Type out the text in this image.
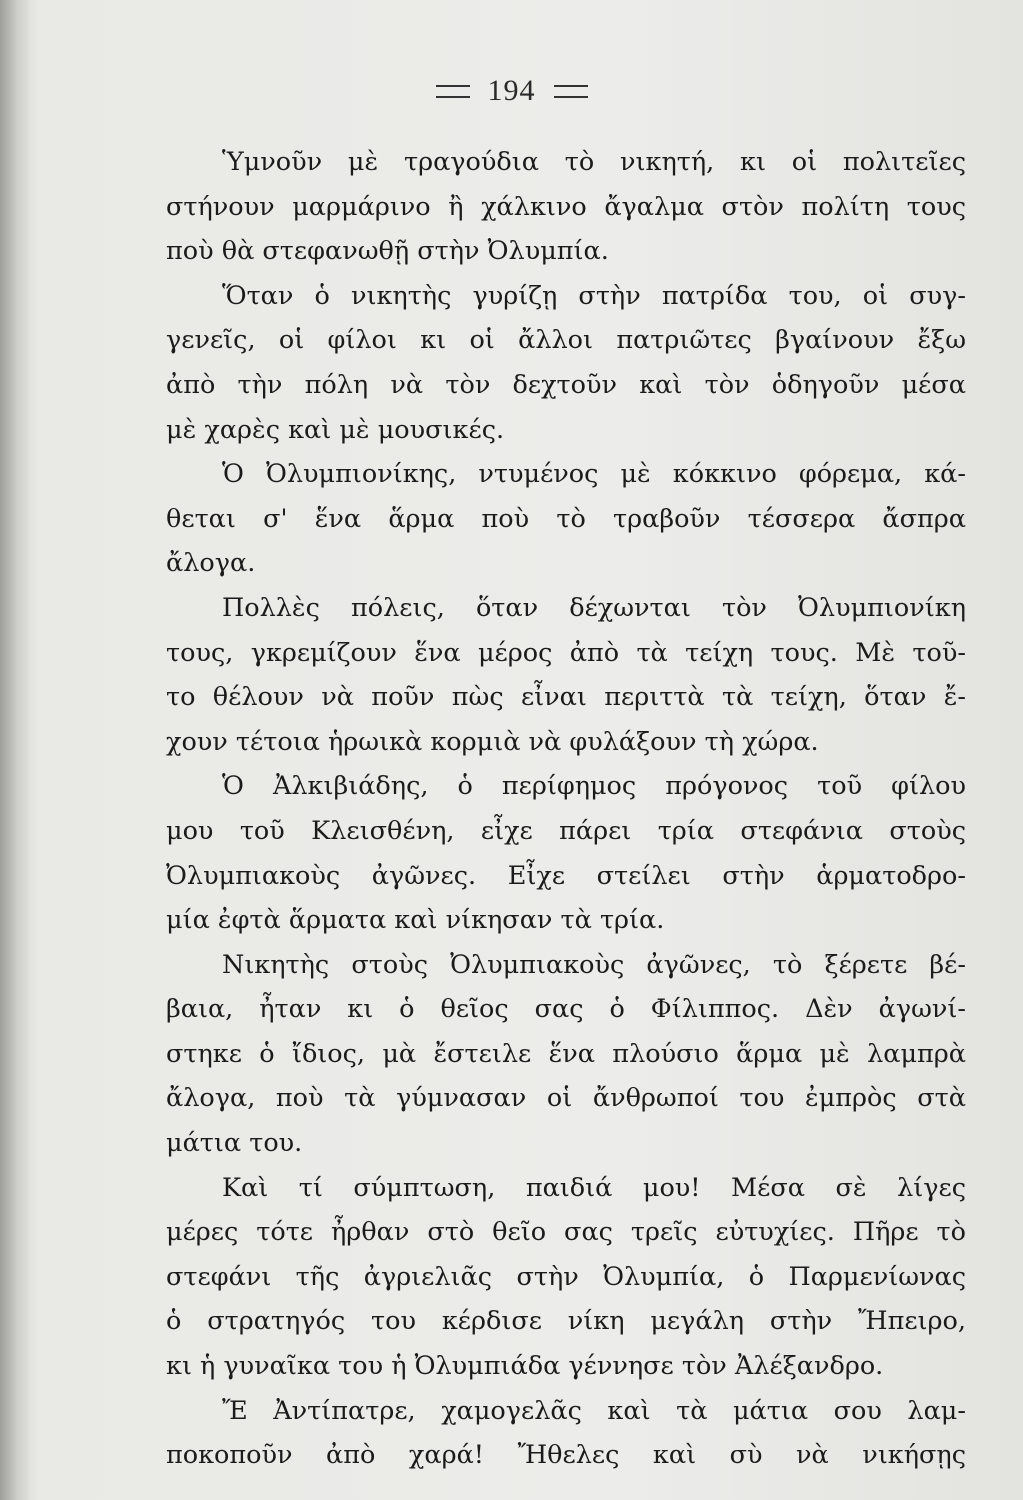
194
Ὑμνοῦν μὲ τραγούδια τὸ νικητή, κι οἱ πολιτεῖες
στήνουν μαρμάρινο ἢ χάλκινο ἄγαλμα στὸν πολίτη τους
ποὺ θὰ στεφανωθῇ στὴν Ὀλυμπία.
Ὅταν ὁ νικητὴς γυρίζῃ στὴν πατρίδα του, οἱ συγ-
γενεῖς, οἱ φίλοι κι οἱ ἄλλοι πατριῶτες βγαίνουν ἔξω
ἀπὸ τὴν πόλη νὰ τὸν δεχτοῦν καὶ τὸν ὁδηγοῦν μέσα
μὲ χαρὲς καὶ μὲ μουσικές.
Ὁ Ὀλυμπιονίκης, ντυμένος μὲ κόκκινο φόρεμα, κά-
θεται σ' ἕνα ἅρμα ποὺ τὸ τραβοῦν τέσσερα ἄσπρα
ἄλογα.
Πολλὲς πόλεις, ὅταν δέχωνται τὸν Ὀλυμπιονίκη
τους, γκρεμίζουν ἕνα μέρος ἀπὸ τὰ τείχη τους. Μὲ τοῦ-
το θέλουν νὰ ποῦν πὼς εἶναι περιττὰ τὰ τείχη, ὅταν ἔ-
χουν τέτοια ἡρωικὰ κορμιὰ νὰ φυλάξουν τὴ χώρα.
Ὁ Ἀλκιβιάδης, ὁ περίφημος πρόγονος τοῦ φίλου
μου τοῦ Κλεισθένη, εἶχε πάρει τρία στεφάνια στοὺς
Ὀλυμπιακοὺς ἀγῶνες. Εἶχε στείλει στὴν ἁρματοδρο-
μία ἐφτὰ ἅρματα καὶ νίκησαν τὰ τρία.
Νικητὴς στοὺς Ὀλυμπιακοὺς ἀγῶνες, τὸ ξέρετε βέ-
βαια, ἦταν κι ὁ θεῖος σας ὁ Φίλιππος. Δὲν ἀγωνί-
στηκε ὁ ἴδιος, μὰ ἔστειλε ἕνα πλούσιο ἅρμα μὲ λαμπρὰ
ἄλογα, ποὺ τὰ γύμνασαν οἱ ἄνθρωποί του ἐμπρὸς στὰ
μάτια του.
Καὶ τί σύμπτωση, παιδιά μου! Μέσα σὲ λίγες
μέρες τότε ἦρθαν στὸ θεῖο σας τρεῖς εὐτυχίες. Πῆρε τὸ
στεφάνι τῆς ἀγριελιᾶς στὴν Ὀλυμπία, ὁ Παρμενίωνας
ὁ στρατηγός του κέρδισε νίκη μεγάλη στὴν Ἤπειρο,
κι ἡ γυναῖκα του ἡ Ὀλυμπιάδα γέννησε τὸν Ἀλέξανδρο.
Ἔ Ἀντίπατρε, χαμογελᾶς καὶ τὰ μάτια σου λαμ-
ποκοποῦν ἀπὸ χαρά! Ἤθελες καὶ σὺ νὰ νικήσῃς
